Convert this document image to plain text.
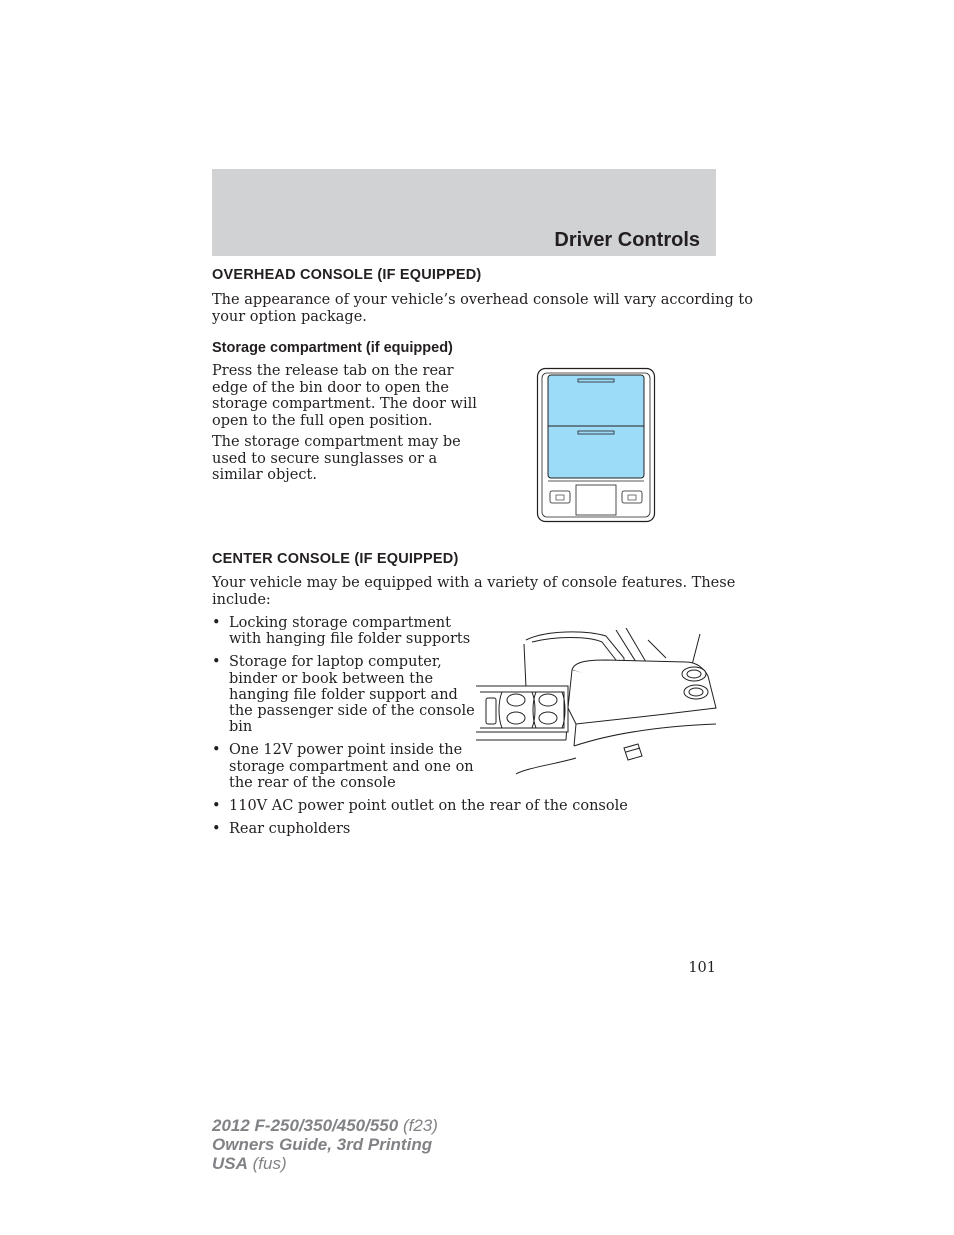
Driver Controls
OVERHEAD CONSOLE (IF EQUIPPED)
The appearance of your vehicle’s overhead console will vary according to
your option package.
Storage compartment (if equipped)
Press the release tab on the rear
edge of the bin door to open the
storage compartment. The door will
open to the full open position.
The storage compartment may be
used to secure sunglasses or a
similar object.
CENTER CONSOLE (IF EQUIPPED)
Your vehicle may be equipped with a variety of console features. These
include:
• Locking storage compartment
with hanging file folder supports
• Storage for laptop computer,
binder or book between the
hanging file folder support and
the passenger side of the console
bin
• One 12V power point inside the
storage compartment and one on
the rear of the console
• 110V AC power point outlet on the rear of the console
• Rear cupholders
101
2012 F-250/350/450/550 (f23)
Owners Guide, 3rd Printing
USA (fus)
